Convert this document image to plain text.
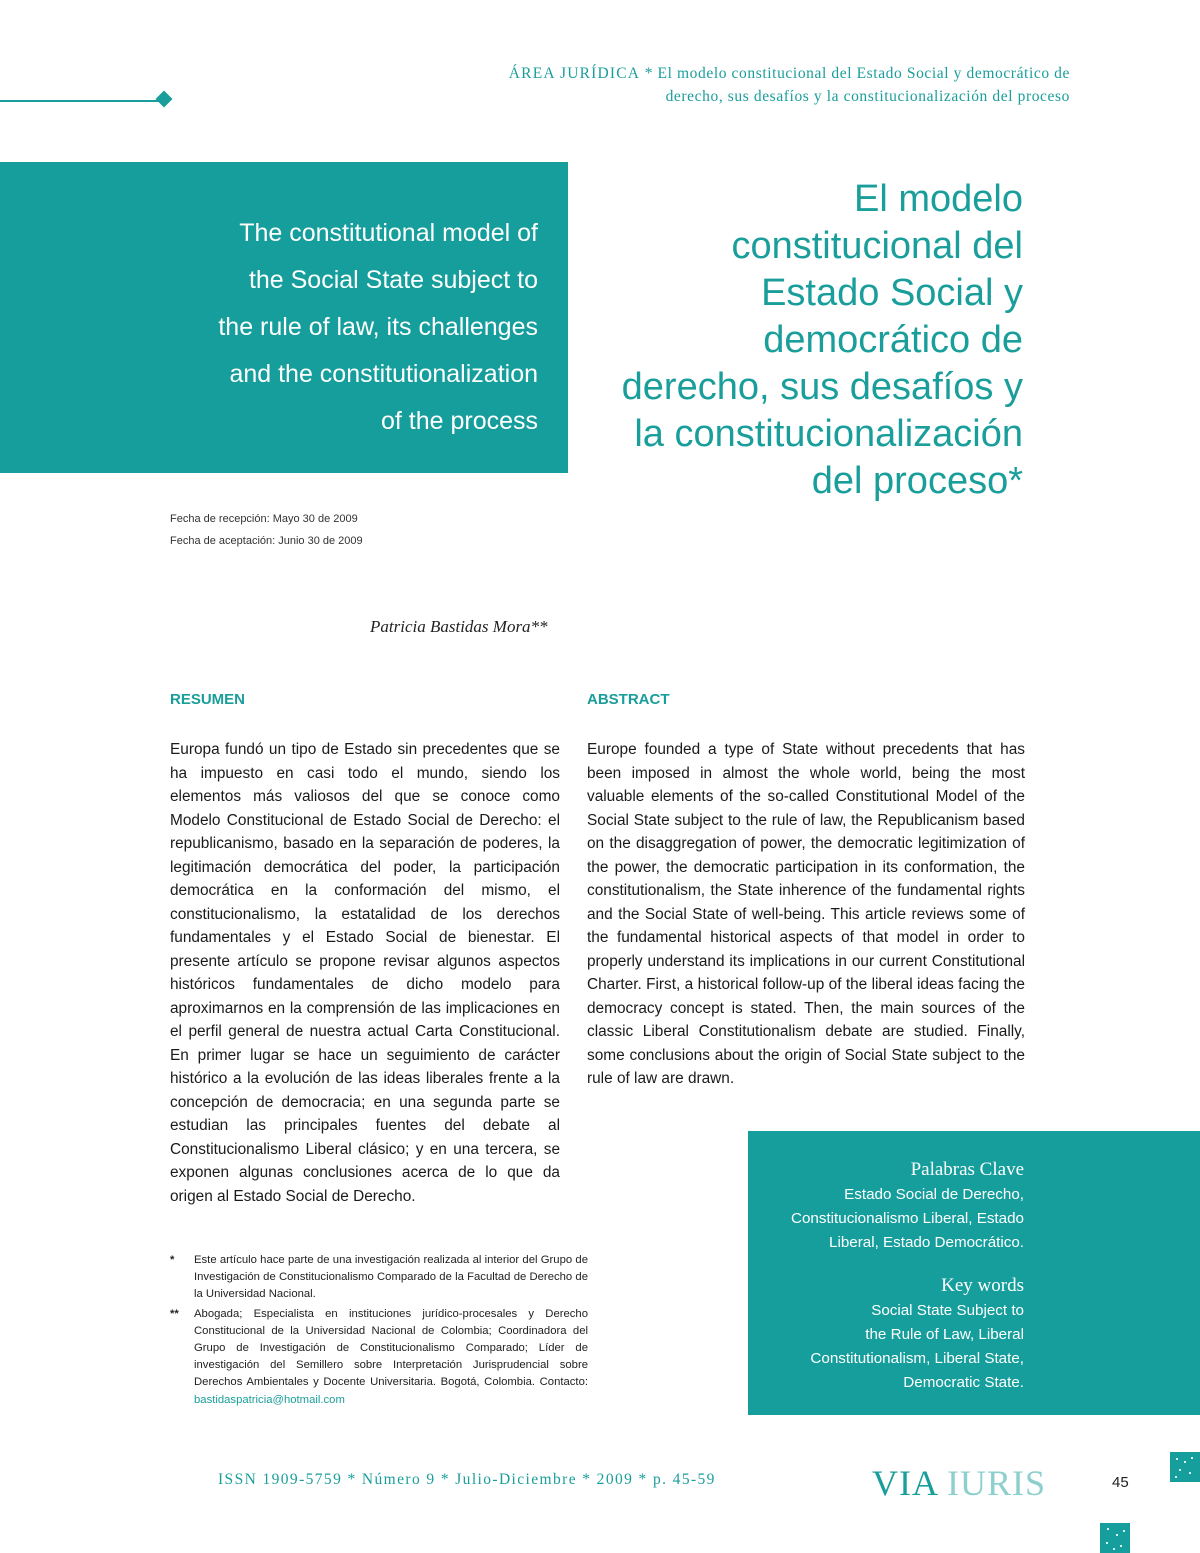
ÁREA JURÍDICA * El modelo constitucional del Estado Social y democrático de
derecho, sus desafíos y la constitucionalización del proceso
The constitutional model of
the Social State subject to
the rule of law, its challenges
and the constitutionalization
of the process
El modelo
constitucional del
Estado Social y
democrático de
derecho, sus desafíos y
la constitucionalización
del proceso*
Fecha de recepción: Mayo 30 de 2009
Fecha de aceptación: Junio 30 de 2009
Patricia Bastidas Mora**
RESUMEN	ABSTRACT
Europa fundó un tipo de Estado sin precedentes que se ha impuesto en casi todo el mundo, siendo los elementos más valiosos del que se conoce como Modelo Constitucional de Estado Social de Derecho: el republicanismo, basado en la separación de poderes, la legitimación democrática del poder, la participación democrática en la conformación del mismo, el constitucionalismo, la estatalidad de los derechos fundamentales y el Estado Social de bienestar. El presente artículo se propone revisar algunos aspectos históricos fundamentales de dicho modelo para aproximarnos en la comprensión de las implicaciones en el perfil general de nuestra actual Carta Constitucional. En primer lugar se hace un seguimiento de carácter histórico a la evolución de las ideas liberales frente a la concepción de democracia; en una segunda parte se estudian las principales fuentes del debate al Constitucionalismo Liberal clásico; y en una tercera, se exponen algunas conclusiones acerca de lo que da origen al Estado Social de Derecho.
Europe founded a type of State without precedents that has been imposed in almost the whole world, being the most valuable elements of the so-called Constitutional Model of the Social State subject to the rule of law, the Republicanism based on the disaggregation of power, the democratic legitimization of the power, the democratic participation in its conformation, the constitutionalism, the State inherence of the fundamental rights and the Social State of well-being. This article reviews some of the fundamental historical aspects of that model in order to properly understand its implications in our current Constitutional Charter. First, a historical follow-up of the liberal ideas facing the democracy concept is stated. Then, the main sources of the classic Liberal Constitutionalism debate are studied. Finally, some conclusions about the origin of Social State subject to the rule of law are drawn.
*	Este artículo hace parte de una investigación realizada al interior del Grupo de Investigación de Constitucionalismo Comparado de la Facultad de Derecho de la Universidad Nacional.
**	Abogada; Especialista en instituciones jurídico-procesales y Derecho Constitucional de la Universidad Nacional de Colombia; Coordinadora del Grupo de Investigación de Constitucionalismo Comparado; Líder de investigación del Semillero sobre Interpretación Jurisprudencial sobre Derechos Ambientales y Docente Universitaria. Bogotá, Colombia. Contacto: bastidaspatricia@hotmail.com
Palabras Clave
Estado Social de Derecho,
Constitucionalismo Liberal, Estado
Liberal, Estado Democrático.
Key words
Social State Subject to
the Rule of Law, Liberal
Constitutionalism, Liberal State,
Democratic State.
ISSN 1909-5759 * Número 9 * Julio-Diciembre * 2009 * p. 45-59	VIA IURIS	45
